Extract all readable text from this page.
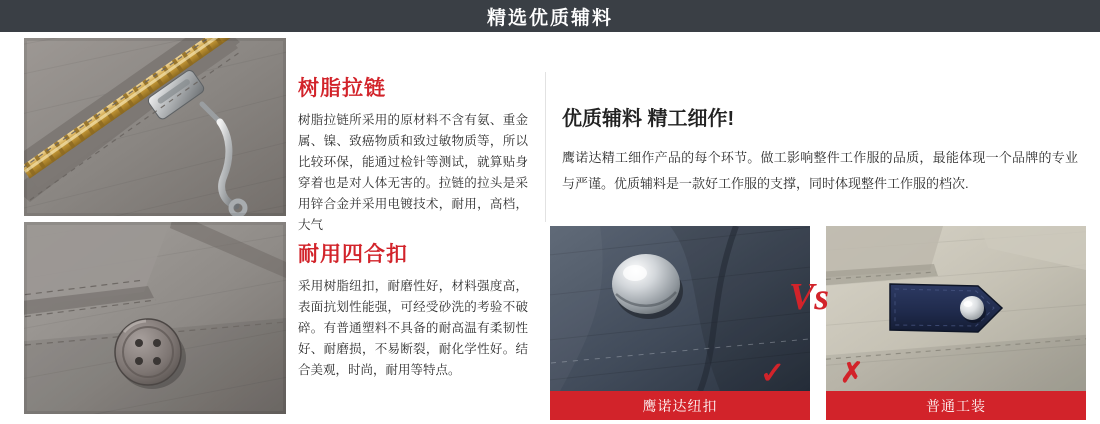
精选优质辅料
树脂拉链

树脂拉链所采用的原材料不含有氨、重金属、镍、致癌物质和致过敏物质等，所以比较环保，能通过检针等测试，就算贴身穿着也是对人体无害的。拉链的拉头是采用锌合金并采用电镀技术，耐用，高档，大气

优质辅料 精工细作!

鹰诺达精工细作产品的每个环节。做工影响整件工作服的品质，最能体现一个品牌的专业与严谨。优质辅料是一款好工作服的支撑，同时体现整件工作服的档次.

耐用四合扣

采用树脂纽扣，耐磨性好，材料强度高，表面抗划性能强，可经受砂洗的考验不破碎。有普通塑料不具备的耐高温有柔韧性好、耐磨损，不易断裂，耐化学性好。结合美观，时尚，耐用等特点。

鹰诺达纽扣	普通工装
Vs
✓ ✗
